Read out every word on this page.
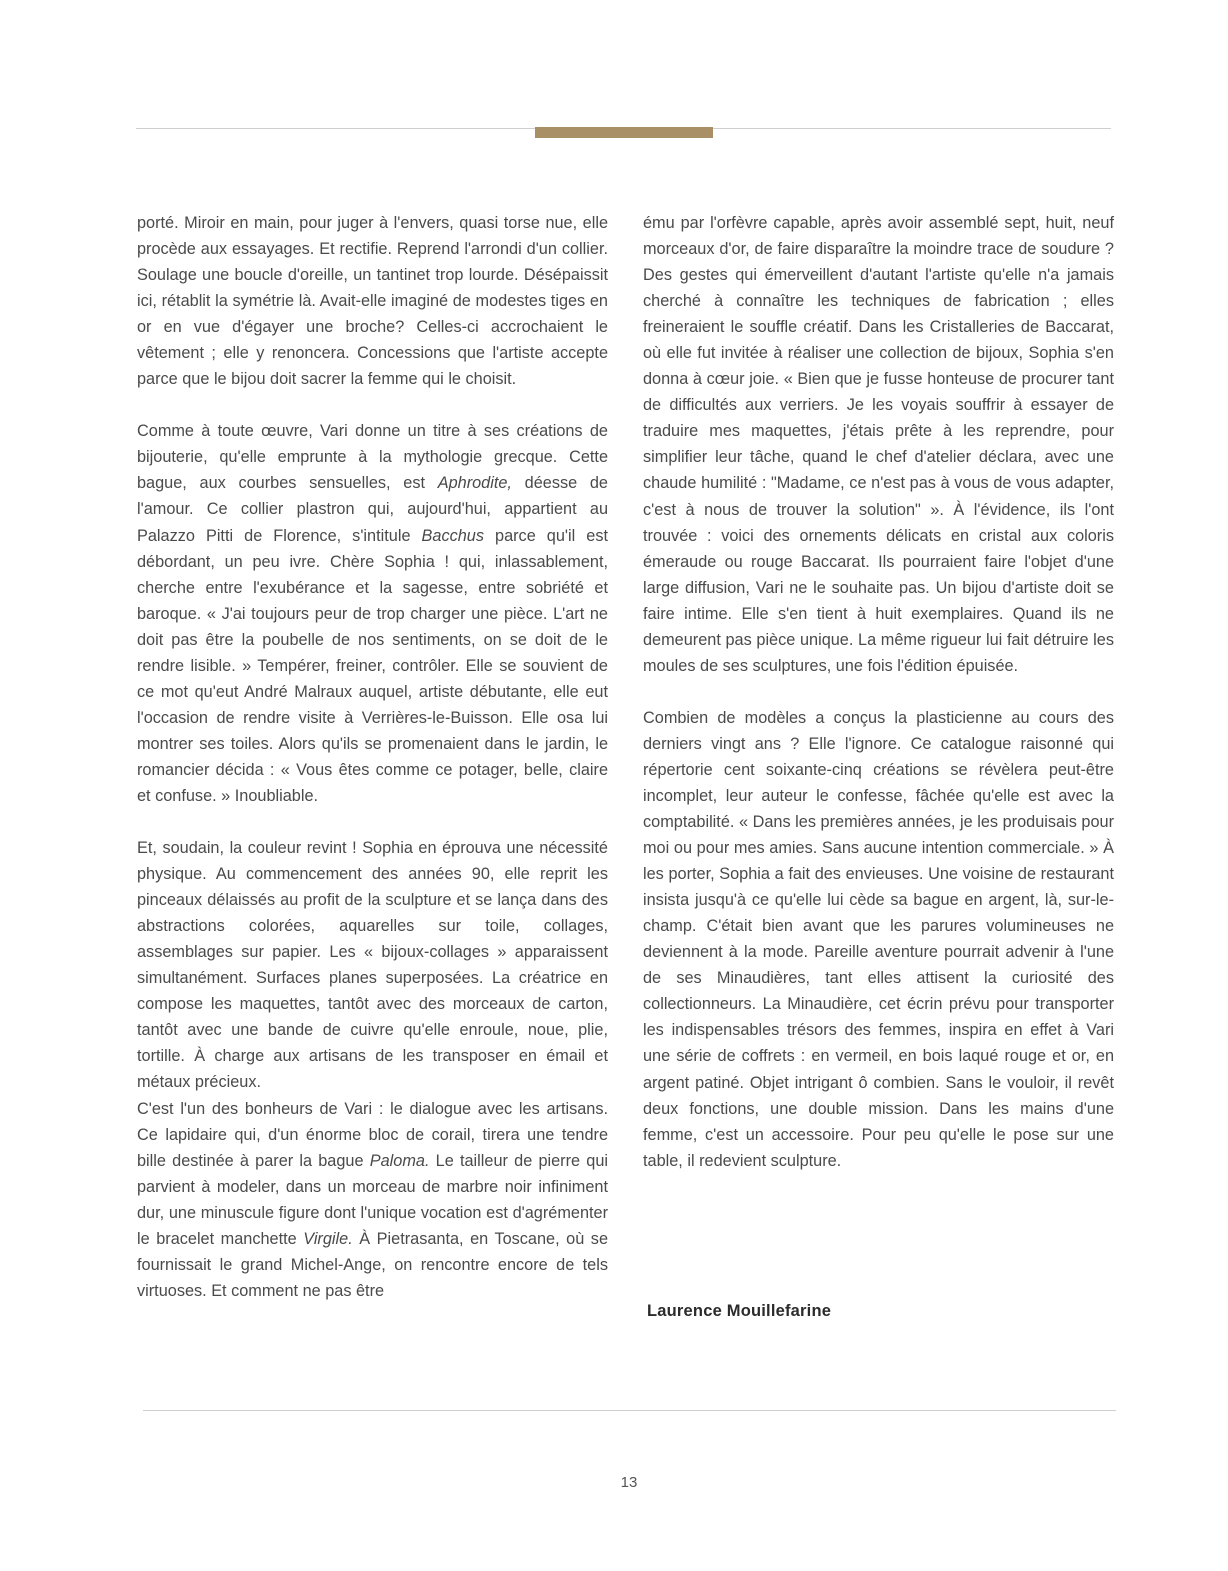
porté. Miroir en main, pour juger à l'envers, quasi torse nue, elle procède aux essayages. Et rectifie. Reprend l'arrondi d'un collier. Soulage une boucle d'oreille, un tantinet trop lourde. Désépaissit ici, rétablit la symétrie là. Avait-elle imaginé de modestes tiges en or en vue d'égayer une broche? Celles-ci accrochaient le vêtement ; elle y renoncera. Concessions que l'artiste accepte parce que le bijou doit sacrer la femme qui le choisit.

Comme à toute œuvre, Vari donne un titre à ses créations de bijouterie, qu'elle emprunte à la mythologie grecque. Cette bague, aux courbes sensuelles, est Aphrodite, déesse de l'amour. Ce collier plastron qui, aujourd'hui, appartient au Palazzo Pitti de Florence, s'intitule Bacchus parce qu'il est débordant, un peu ivre. Chère Sophia ! qui, inlassablement, cherche entre l'exubérance et la sagesse, entre sobriété et baroque. « J'ai toujours peur de trop charger une pièce. L'art ne doit pas être la poubelle de nos sentiments, on se doit de le rendre lisible. » Tempérer, freiner, contrôler. Elle se souvient de ce mot qu'eut André Malraux auquel, artiste débutante, elle eut l'occasion de rendre visite à Verrières-le-Buisson. Elle osa lui montrer ses toiles. Alors qu'ils se promenaient dans le jardin, le romancier décida : « Vous êtes comme ce potager, belle, claire et confuse. » Inoubliable.

Et, soudain, la couleur revint ! Sophia en éprouva une nécessité physique. Au commencement des années 90, elle reprit les pinceaux délaissés au profit de la sculpture et se lança dans des abstractions colorées, aquarelles sur toile, collages, assemblages sur papier. Les « bijoux-collages » apparaissent simultanément. Surfaces planes superposées. La créatrice en compose les maquettes, tantôt avec des morceaux de carton, tantôt avec une bande de cuivre qu'elle enroule, noue, plie, tortille. À charge aux artisans de les transposer en émail et métaux précieux.

C'est l'un des bonheurs de Vari : le dialogue avec les artisans. Ce lapidaire qui, d'un énorme bloc de corail, tirera une tendre bille destinée à parer la bague Paloma. Le tailleur de pierre qui parvient à modeler, dans un morceau de marbre noir infiniment dur, une minuscule figure dont l'unique vocation est d'agrémenter le bracelet manchette Virgile. À Pietrasanta, en Toscane, où se fournissait le grand Michel-Ange, on rencontre encore de tels virtuoses. Et comment ne pas être

ému par l'orfèvre capable, après avoir assemblé sept, huit, neuf morceaux d'or, de faire disparaître la moindre trace de soudure ? Des gestes qui émerveillent d'autant l'artiste qu'elle n'a jamais cherché à connaître les techniques de fabrication ; elles freineraient le souffle créatif. Dans les Cristalleries de Baccarat, où elle fut invitée à réaliser une collection de bijoux, Sophia s'en donna à cœur joie. « Bien que je fusse honteuse de procurer tant de difficultés aux verriers. Je les voyais souffrir à essayer de traduire mes maquettes, j'étais prête à les reprendre, pour simplifier leur tâche, quand le chef d'atelier déclara, avec une chaude humilité : "Madame, ce n'est pas à vous de vous adapter, c'est à nous de trouver la solution" ». À l'évidence, ils l'ont trouvée : voici des ornements délicats en cristal aux coloris émeraude ou rouge Baccarat. Ils pourraient faire l'objet d'une large diffusion, Vari ne le souhaite pas. Un bijou d'artiste doit se faire intime. Elle s'en tient à huit exemplaires. Quand ils ne demeurent pas pièce unique. La même rigueur lui fait détruire les moules de ses sculptures, une fois l'édition épuisée.

Combien de modèles a conçus la plasticienne au cours des derniers vingt ans ? Elle l'ignore. Ce catalogue raisonné qui répertorie cent soixante-cinq créations se révèlera peut-être incomplet, leur auteur le confesse, fâchée qu'elle est avec la comptabilité. « Dans les premières années, je les produisais pour moi ou pour mes amies. Sans aucune intention commerciale. » À les porter, Sophia a fait des envieuses. Une voisine de restaurant insista jusqu'à ce qu'elle lui cède sa bague en argent, là, sur-le-champ. C'était bien avant que les parures volumineuses ne deviennent à la mode. Pareille aventure pourrait advenir à l'une de ses Minaudières, tant elles attisent la curiosité des collectionneurs. La Minaudière, cet écrin prévu pour transporter les indispensables trésors des femmes, inspira en effet à Vari une série de coffrets : en vermeil, en bois laqué rouge et or, en argent patiné. Objet intrigant ô combien. Sans le vouloir, il revêt deux fonctions, une double mission. Dans les mains d'une femme, c'est un accessoire. Pour peu qu'elle le pose sur une table, il redevient sculpture.

Laurence Mouillefarine
13
